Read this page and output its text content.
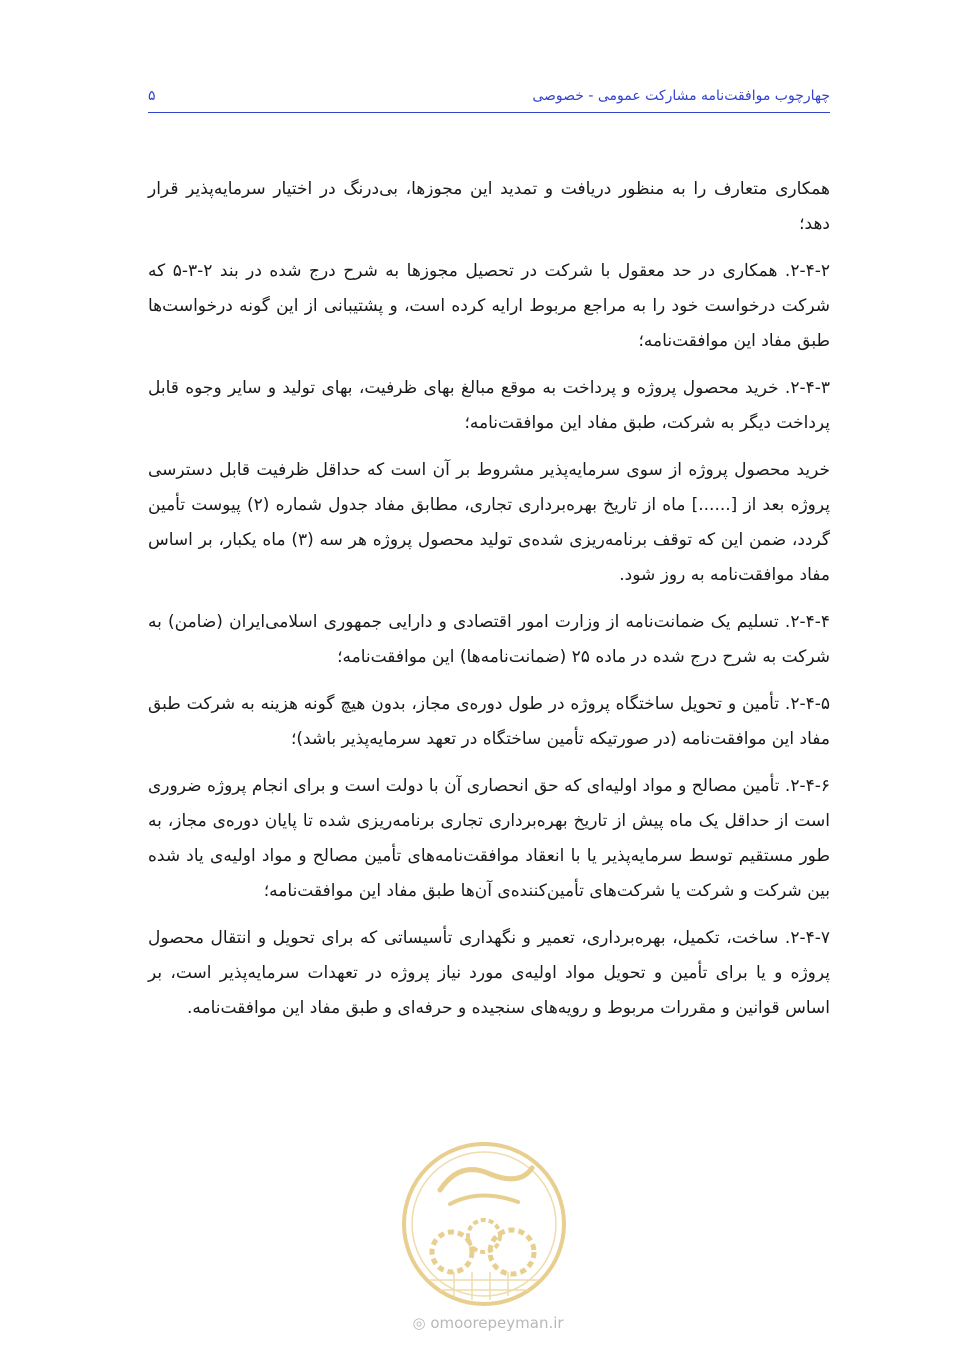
چهارچوب موافقت‌نامه مشارکت عمومی - خصوصی
۵

همکاری متعارف را به منظور دریافت و تمدید این مجوزها، بی‌درنگ در اختیار سرمایه‌پذیر قرار دهد؛

۲-۴-۲. همکاری در حد معقول با شرکت در تحصیل مجوزها به شرح درج شده در بند ۲-۳-۵ که شرکت درخواست خود را به مراجع مربوط ارایه کرده است، و پشتیبانی از این گونه درخواست‌ها طبق مفاد این موافقت‌نامه؛

۲-۴-۳. خرید محصول پروژه و پرداخت به موقع مبالغ بهای ظرفیت، بهای تولید و سایر وجوه قابل پرداخت دیگر به شرکت، طبق مفاد این موافقت‌نامه؛

خرید محصول پروژه از سوی سرمایه‌پذیر مشروط بر آن است که حداقل ظرفیت قابل دسترسی پروژه بعد از [......] ماه از تاریخ بهره‌برداری تجاری، مطابق مفاد جدول شماره (۲) پیوست تأمین گردد، ضمن این که توقف برنامه‌ریزی شده‌ی تولید محصول پروژه هر سه (۳) ماه یکبار، بر اساس مفاد موافقت‌نامه به روز شود.

۲-۴-۴. تسلیم یک ضمانت‌نامه از وزارت امور اقتصادی و دارایی جمهوری اسلامی‌ایران (ضامن) به شرکت به شرح درج شده در ماده ۲۵ (ضمانت‌نامه‌ها) این موافقت‌نامه؛

۲-۴-۵. تأمین و تحویل ساختگاه پروژه در طول دوره‌ی مجاز، بدون هیچ گونه هزینه به شرکت طبق مفاد این موافقت‌نامه (در صورتیکه تأمین ساختگاه در تعهد سرمایه‌پذیر باشد)؛

۲-۴-۶. تأمین مصالح و مواد اولیه‌ای که حق انحصاری آن با دولت است و برای انجام پروژه ضروری است از حداقل یک ماه پیش از تاریخ بهره‌برداری تجاری برنامه‌ریزی شده تا پایان دوره‌ی مجاز، به طور مستقیم توسط سرمایه‌پذیر یا با انعقاد موافقت‌نامه‌های تأمین مصالح و مواد اولیه‌ی یاد شده بین شرکت و شرکت یا شرکت‌های تأمین‌کننده‌ی آن‌ها طبق مفاد این موافقت‌نامه؛

۲-۴-۷. ساخت، تکمیل، بهره‌برداری، تعمیر و نگهداری تأسیساتی که برای تحویل و انتقال محصول پروژه و یا برای تأمین و تحویل مواد اولیه‌ی مورد نیاز پروژه در تعهدات سرمایه‌پذیر است، بر اساس قوانین و مقررات مربوط و رویه‌های سنجیده و حرفه‌ای و طبق مفاد این موافقت‌نامه.

◎ omoorepeyman.ir
